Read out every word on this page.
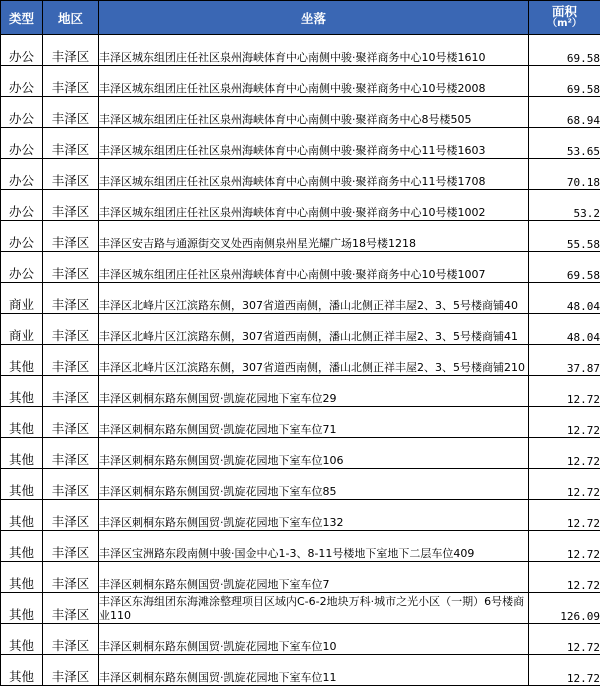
类型	地区	坐落	面积
（m²）

办公	丰泽区	丰泽区城东组团庄任社区泉州海峡体育中心南侧中骏·聚祥商务中心10号楼1610	69.58
办公	丰泽区	丰泽区城东组团庄任社区泉州海峡体育中心南侧中骏·聚祥商务中心10号楼2008	69.58
办公	丰泽区	丰泽区城东组团庄任社区泉州海峡体育中心南侧中骏·聚祥商务中心8号楼505	68.94
办公	丰泽区	丰泽区城东组团庄任社区泉州海峡体育中心南侧中骏·聚祥商务中心11号楼1603	53.65
办公	丰泽区	丰泽区城东组团庄任社区泉州海峡体育中心南侧中骏·聚祥商务中心11号楼1708	70.18
办公	丰泽区	丰泽区城东组团庄任社区泉州海峡体育中心南侧中骏·聚祥商务中心10号楼1002	53.2
办公	丰泽区	丰泽区安吉路与通源街交叉处西南侧泉州星光耀广场18号楼1218	55.58
办公	丰泽区	丰泽区城东组团庄任社区泉州海峡体育中心南侧中骏·聚祥商务中心10号楼1007	69.58
商业	丰泽区	丰泽区北峰片区江滨路东侧，307省道西南侧，潘山北侧正祥丰屋2、3、5号楼商铺40	48.04
商业	丰泽区	丰泽区北峰片区江滨路东侧，307省道西南侧，潘山北侧正祥丰屋2、3、5号楼商铺41	48.04
其他	丰泽区	丰泽区北峰片区江滨路东侧，307省道西南侧，潘山北侧正祥丰屋2、3、5号楼商铺210	37.87
其他	丰泽区	丰泽区刺桐东路东侧国贸·凯旋花园地下室车位29	12.72
其他	丰泽区	丰泽区刺桐东路东侧国贸·凯旋花园地下室车位71	12.72
其他	丰泽区	丰泽区刺桐东路东侧国贸·凯旋花园地下室车位106	12.72
其他	丰泽区	丰泽区刺桐东路东侧国贸·凯旋花园地下室车位85	12.72
其他	丰泽区	丰泽区刺桐东路东侧国贸·凯旋花园地下室车位132	12.72
其他	丰泽区	丰泽区宝洲路东段南侧中骏·国金中心1-3、8-11号楼地下室地下二层车位409	12.72
其他	丰泽区	丰泽区刺桐东路东侧国贸·凯旋花园地下室车位7	12.72
其他	丰泽区	丰泽区东海组团东海滩涂整理项目区域内C-6-2地块万科·城市之光小区（一期）6号楼商业110	126.09
其他	丰泽区	丰泽区刺桐东路东侧国贸·凯旋花园地下室车位10	12.72
其他	丰泽区	丰泽区刺桐东路东侧国贸·凯旋花园地下室车位11	12.72
